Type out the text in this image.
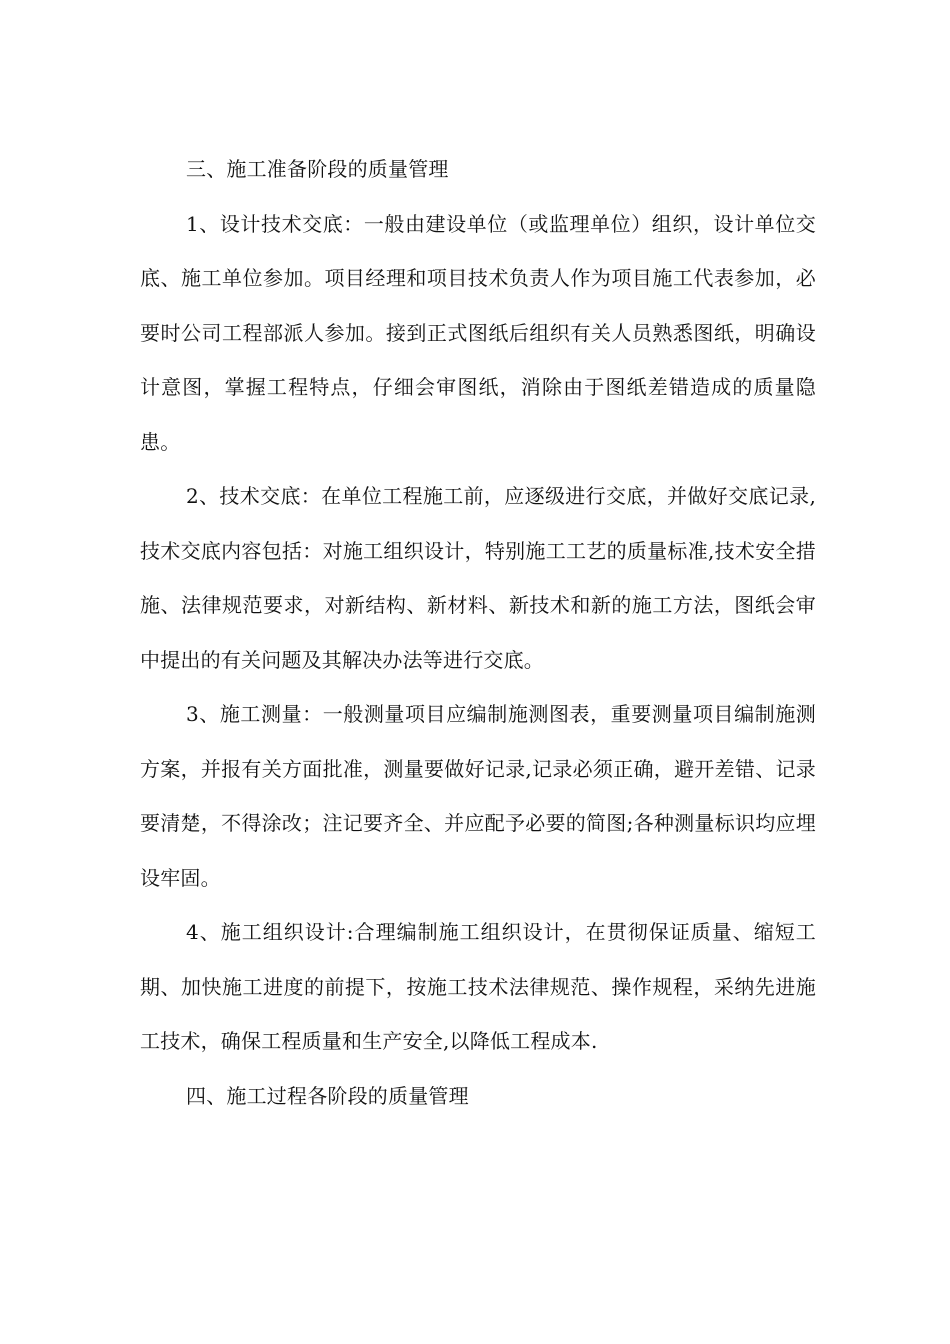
三、施工准备阶段的质量管理

1、设计技术交底：一般由建设单位（或监理单位）组织，设计单位交底、施工单位参加。项目经理和项目技术负责人作为项目施工代表参加，必要时公司工程部派人参加。接到正式图纸后组织有关人员熟悉图纸，明确设计意图，掌握工程特点，仔细会审图纸，消除由于图纸差错造成的质量隐患。

2、技术交底：在单位工程施工前，应逐级进行交底，并做好交底记录,技术交底内容包括：对施工组织设计，特别施工工艺的质量标准,技术安全措施、法律规范要求，对新结构、新材料、新技术和新的施工方法，图纸会审中提出的有关问题及其解决办法等进行交底。

3、施工测量：一般测量项目应编制施测图表，重要测量项目编制施测方案，并报有关方面批准，测量要做好记录,记录必须正确，避开差错、记录要清楚，不得涂改；注记要齐全、并应配予必要的简图;各种测量标识均应埋设牢固。

4、施工组织设计:合理编制施工组织设计，在贯彻保证质量、缩短工期、加快施工进度的前提下，按施工技术法律规范、操作规程，采纳先进施工技术，确保工程质量和生产安全,以降低工程成本.

四、施工过程各阶段的质量管理
